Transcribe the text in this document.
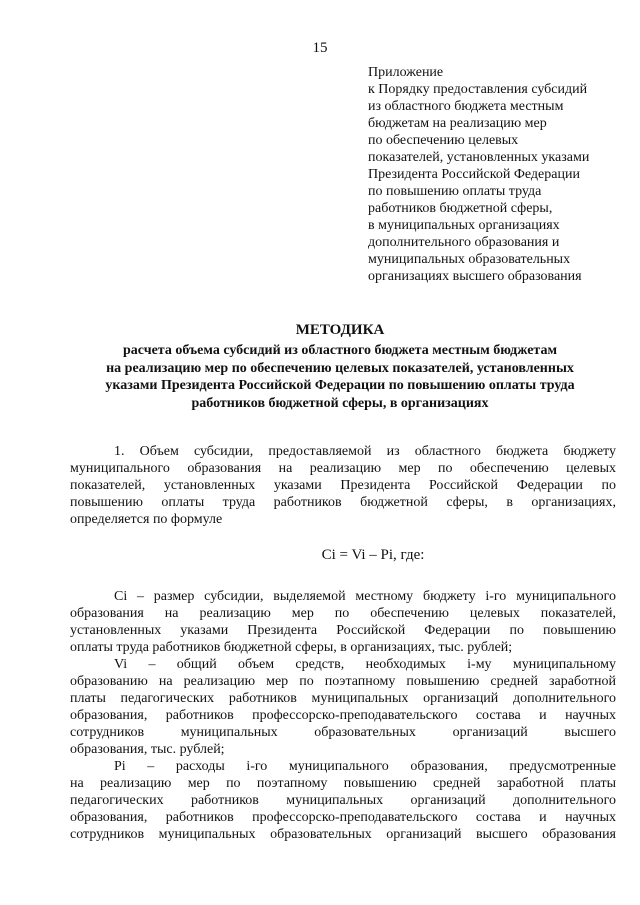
15
Приложение
к Порядку предоставления субсидий
из областного бюджета местным
бюджетам на реализацию мер
по обеспечению целевых
показателей, установленных указами
Президента Российской Федерации
по повышению оплаты труда
работников бюджетной сферы,
в муниципальных организациях
дополнительного образования и
муниципальных образовательных
организациях высшего образования
МЕТОДИКА
расчета объема субсидий из областного бюджета местным бюджетам
на реализацию мер по обеспечению целевых показателей, установленных
указами Президента Российской Федерации по повышению оплаты труда
работников бюджетной сферы, в организациях
1. Объем субсидии, предоставляемой из областного бюджета бюджету
муниципального образования на реализацию мер по обеспечению целевых
показателей, установленных указами Президента Российской Федерации по
повышению оплаты труда работников бюджетной сферы, в организациях,
определяется по формуле
Сi = Vi – Pi, где:
Сi – размер субсидии, выделяемой местному бюджету i-го муниципального
образования на реализацию мер по обеспечению целевых показателей,
установленных указами Президента Российской Федерации по повышению
оплаты труда работников бюджетной сферы, в организациях, тыс. рублей;
Vi – общий объем средств, необходимых i-му муниципальному
образованию на реализацию мер по поэтапному повышению средней заработной
платы педагогических работников муниципальных организаций дополнительного
образования, работников профессорско-преподавательского состава и научных
сотрудников муниципальных образовательных организаций высшего
образования, тыс. рублей;
Рi – расходы i-го муниципального образования, предусмотренные
на реализацию мер по поэтапному повышению средней заработной платы
педагогических работников муниципальных организаций дополнительного
образования, работников профессорско-преподавательского состава и научных
сотрудников муниципальных образовательных организаций высшего образования
